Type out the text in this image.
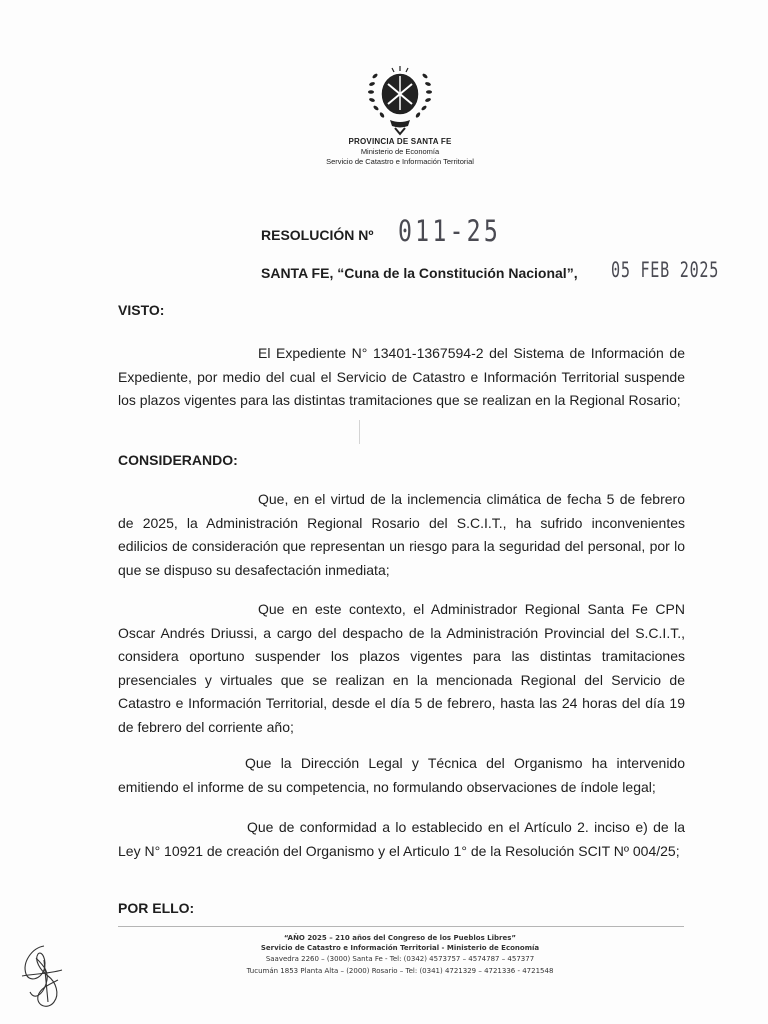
PROVINCIA DE SANTA FE
Ministerio de Economía
Servicio de Catastro e Información Territorial
RESOLUCIÓN Nº 011-25
SANTA FE, “Cuna de la Constitución Nacional”, 05 FEB 2025
VISTO:

El Expediente N° 13401-1367594-2 del Sistema de Información de Expediente, por medio del cual el Servicio de Catastro e Información Territorial suspende los plazos vigentes para las distintas tramitaciones que se realizan en la Regional Rosario;

CONSIDERANDO:

Que, en el virtud de la inclemencia climática de fecha 5 de febrero de 2025, la Administración Regional Rosario del S.C.I.T., ha sufrido inconvenientes edilicios de consideración que representan un riesgo para la seguridad del personal, por lo que se dispuso su desafectación inmediata;

Que en este contexto, el Administrador Regional Santa Fe CPN Oscar Andrés Driussi, a cargo del despacho de la Administración Provincial del S.C.I.T., considera oportuno suspender los plazos vigentes para las distintas tramitaciones presenciales y virtuales que se realizan en la mencionada Regional del Servicio de Catastro e Información Territorial, desde el día 5 de febrero, hasta las 24 horas del día 19 de febrero del corriente año;

Que la Dirección Legal y Técnica del Organismo ha intervenido emitiendo el informe de su competencia, no formulando observaciones de índole legal;

Que de conformidad a lo establecido en el Artículo 2. inciso e) de la Ley N° 10921 de creación del Organismo y el Articulo 1° de la Resolución SCIT Nº 004/25;

POR ELLO:
“AÑO 2025 – 210 años del Congreso de los Pueblos Libres”
Servicio de Catastro e Información Territorial - Ministerio de Economía
Saavedra 2260 – (3000) Santa Fe - Tel: (0342) 4573757 – 4574787 – 457377
Tucumán 1853 Planta Alta – (2000) Rosario – Tel: (0341) 4721329 – 4721336 - 4721548
